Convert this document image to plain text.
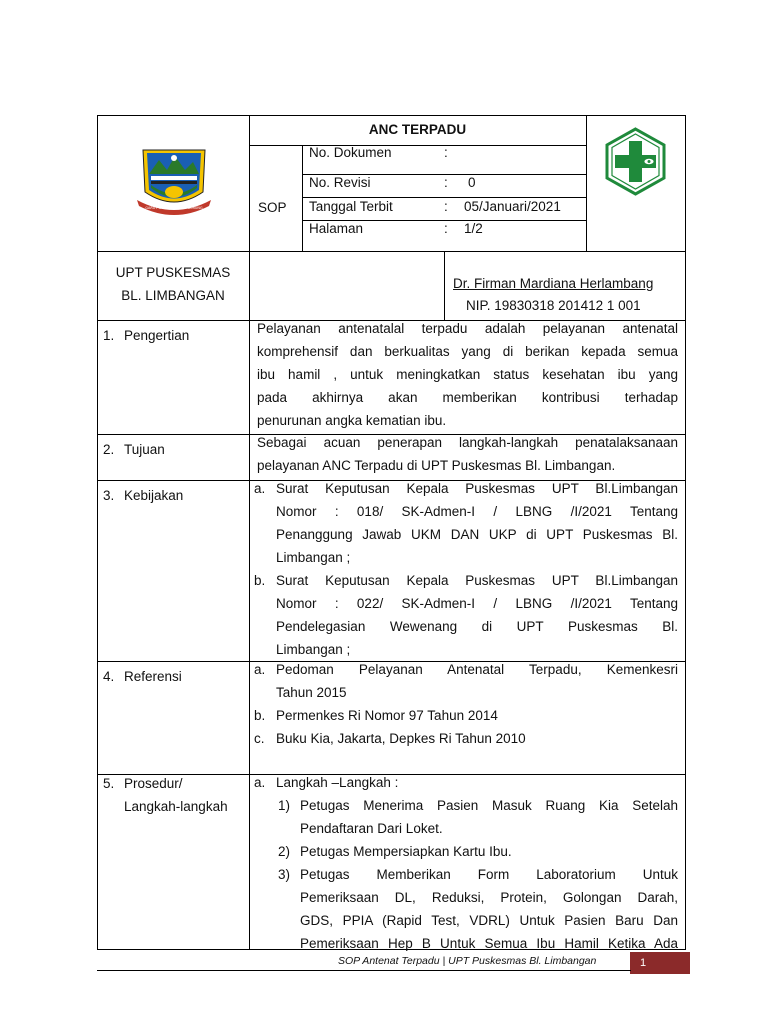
GARUT TANDANG GAWE GURUNG
ANC TERPADU
SOP
No. Dokumen	:
No. Revisi	: 0
Tanggal Terbit	: 05/Januari/2021
Halaman	: 1/2
UPT PUSKESMAS
BL. LIMBANGAN
Dr. Firman Mardiana Herlambang
NIP. 19830318 201412 1 001
1. Pengertian	Pelayanan antenatalal terpadu adalah pelayanan antenatal

komprehensif dan berkualitas yang di berikan kepada semua

ibu hamil , untuk meningkatkan status kesehatan ibu yang

pada akhirnya akan memberikan kontribusi terhadap

penurunan angka kematian ibu.

2. Tujuan	Sebagai acuan penerapan langkah-langkah penatalaksanaan

pelayanan ANC Terpadu di UPT Puskesmas Bl. Limbangan.

3. Kebijakan	a. Surat Keputusan Kepala Puskesmas UPT Bl.Limbangan

Nomor : 018/ SK-Admen-I / LBNG /I/2021 Tentang

Penanggung Jawab UKM DAN UKP di UPT Puskesmas Bl.

Limbangan ;

b. Surat Keputusan Kepala Puskesmas UPT Bl.Limbangan

Nomor : 022/ SK-Admen-I / LBNG /I/2021 Tentang

Pendelegasian Wewenang di UPT Puskesmas Bl.

Limbangan ;

4. Referensi	a. Pedoman Pelayanan Antenatal Terpadu, Kemenkesri

Tahun 2015

b. Permenkes Ri Nomor 97 Tahun 2014

c. Buku Kia, Jakarta, Depkes Ri Tahun 2010

5. Prosedur/
Langkah-langkah
a. Langkah –Langkah :

1) Petugas Menerima Pasien Masuk Ruang Kia Setelah

Pendaftaran Dari Loket.

2) Petugas Mempersiapkan Kartu Ibu.

3) Petugas Memberikan Form Laboratorium Untuk

Pemeriksaan DL, Reduksi, Protein, Golongan Darah,

GDS, PPIA (Rapid Test, VDRL) Untuk Pasien Baru Dan

Pemeriksaan Hep B Untuk Semua Ibu Hamil Ketika Ada

SOP Antenat Terpadu | UPT Puskesmas Bl. Limbangan	1
